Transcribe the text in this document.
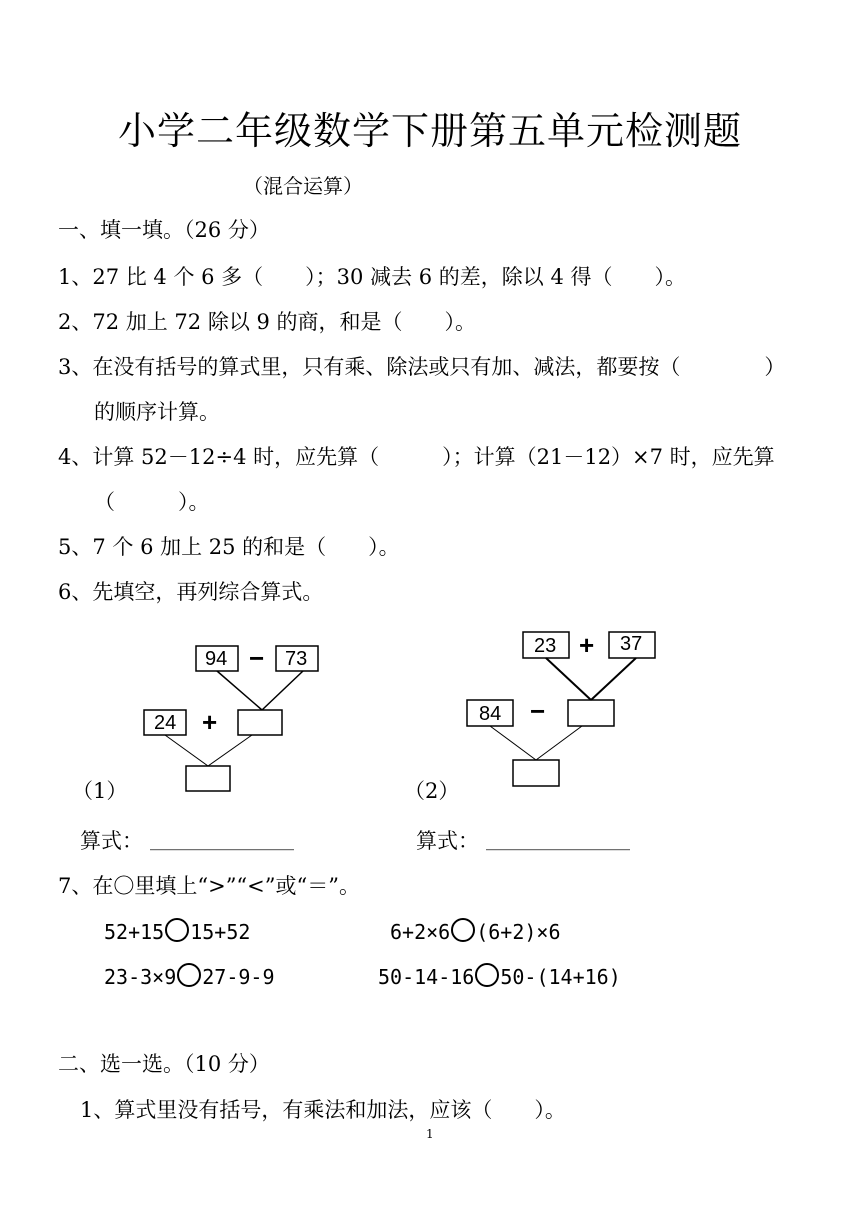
小学二年级数学下册第五单元检测题
（混合运算）
一、填一填。（26 分）
1、27 比 4 个 6 多（　　）；30 减去 6 的差，除以 4 得（　　）。
2、72 加上 72 除以 9 的商，和是（　　）。
3、在没有括号的算式里，只有乘、除法或只有加、减法，都要按（　　　　）
的顺序计算。
4、计算 52－12÷4 时，应先算（　　　）；计算（21－12）×7 时，应先算
（　　　）。
5、7 个 6 加上 25 的和是（　　）。
6、先填空，再列综合算式。
94 − 73
24 +
23 + 37
84 −
（1）	（2）
算式： ________________	算式： ________________
7、在〇里填上“>”“<”或“＝”。
52+15 15+52	6+2×6 (6+2)×6
23-3×9 27-9-9	50-14-16 50-(14+16)
二、选一选。（10 分）
1、算式里没有括号，有乘法和加法，应该（　　）。
1
